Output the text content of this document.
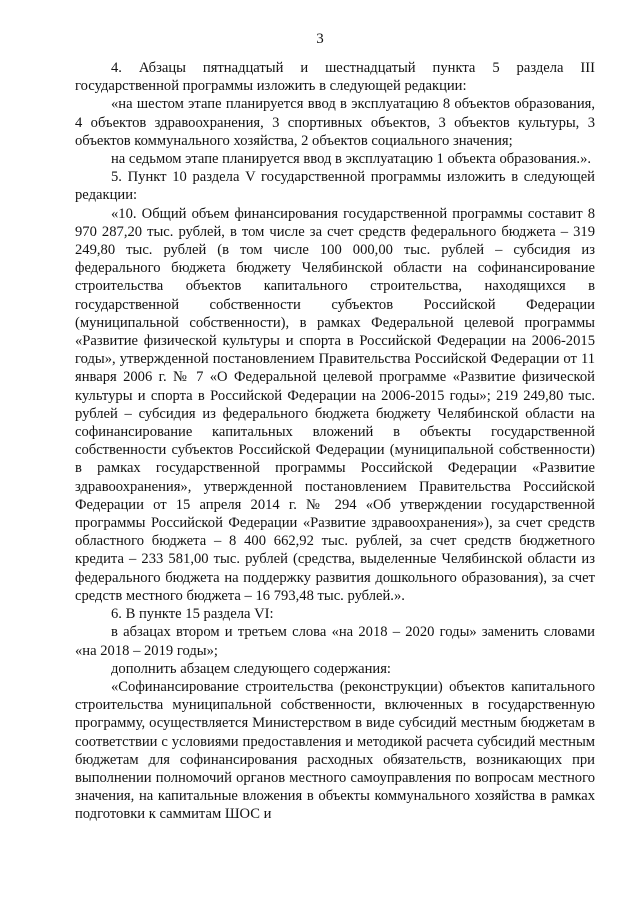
3

4. Абзацы пятнадцатый и шестнадцатый пункта 5 раздела III государственной программы изложить в следующей редакции:

«на шестом этапе планируется ввод в эксплуатацию 8 объектов образования, 4 объектов здравоохранения, 3 спортивных объектов, 3 объектов культуры, 3 объектов коммунального хозяйства, 2 объектов социального значения;

на седьмом этапе планируется ввод в эксплуатацию 1 объекта образования.».

5. Пункт 10 раздела V государственной программы изложить в следующей редакции:

«10. Общий объем финансирования государственной программы составит 8 970 287,20 тыс. рублей, в том числе за счет средств федерального бюджета – 319 249,80 тыс. рублей (в том числе 100 000,00 тыс. рублей – субсидия из федерального бюджета бюджету Челябинской области на софинансирование строительства объектов капитального строительства, находящихся в государственной собственности субъектов Российской Федерации (муниципальной собственности), в рамках Федеральной целевой программы «Развитие физической культуры и спорта в Российской Федерации на 2006-2015 годы», утвержденной постановлением Правительства Российской Федерации от 11 января 2006 г. № 7 «О Федеральной целевой программе «Развитие физической культуры и спорта в Российской Федерации на 2006-2015 годы»; 219 249,80 тыс. рублей – субсидия из федерального бюджета бюджету Челябинской области на софинансирование капитальных вложений в объекты государственной собственности субъектов Российской Федерации (муниципальной собственности) в рамках государственной программы Российской Федерации «Развитие здравоохранения», утвержденной постановлением Правительства Российской Федерации от 15 апреля 2014 г. № 294 «Об утверждении государственной программы Российской Федерации «Развитие здравоохранения»), за счет средств областного бюджета – 8 400 662,92 тыс. рублей, за счет средств бюджетного кредита – 233 581,00 тыс. рублей (средства, выделенные Челябинской области из федерального бюджета на поддержку развития дошкольного образования), за счет средств местного бюджета – 16 793,48 тыс. рублей.».

6. В пункте 15 раздела VI:

в абзацах втором и третьем слова «на 2018 – 2020 годы» заменить словами «на 2018 – 2019 годы»;

дополнить абзацем следующего содержания:

«Софинансирование строительства (реконструкции) объектов капитального строительства муниципальной собственности, включенных в государственную программу, осуществляется Министерством в виде субсидий местным бюджетам в соответствии с условиями предоставления и методикой расчета субсидий местным бюджетам для софинансирования расходных обязательств, возникающих при выполнении полномочий органов местного самоуправления по вопросам местного значения, на капитальные вложения в объекты коммунального хозяйства в рамках подготовки к саммитам ШОС и
